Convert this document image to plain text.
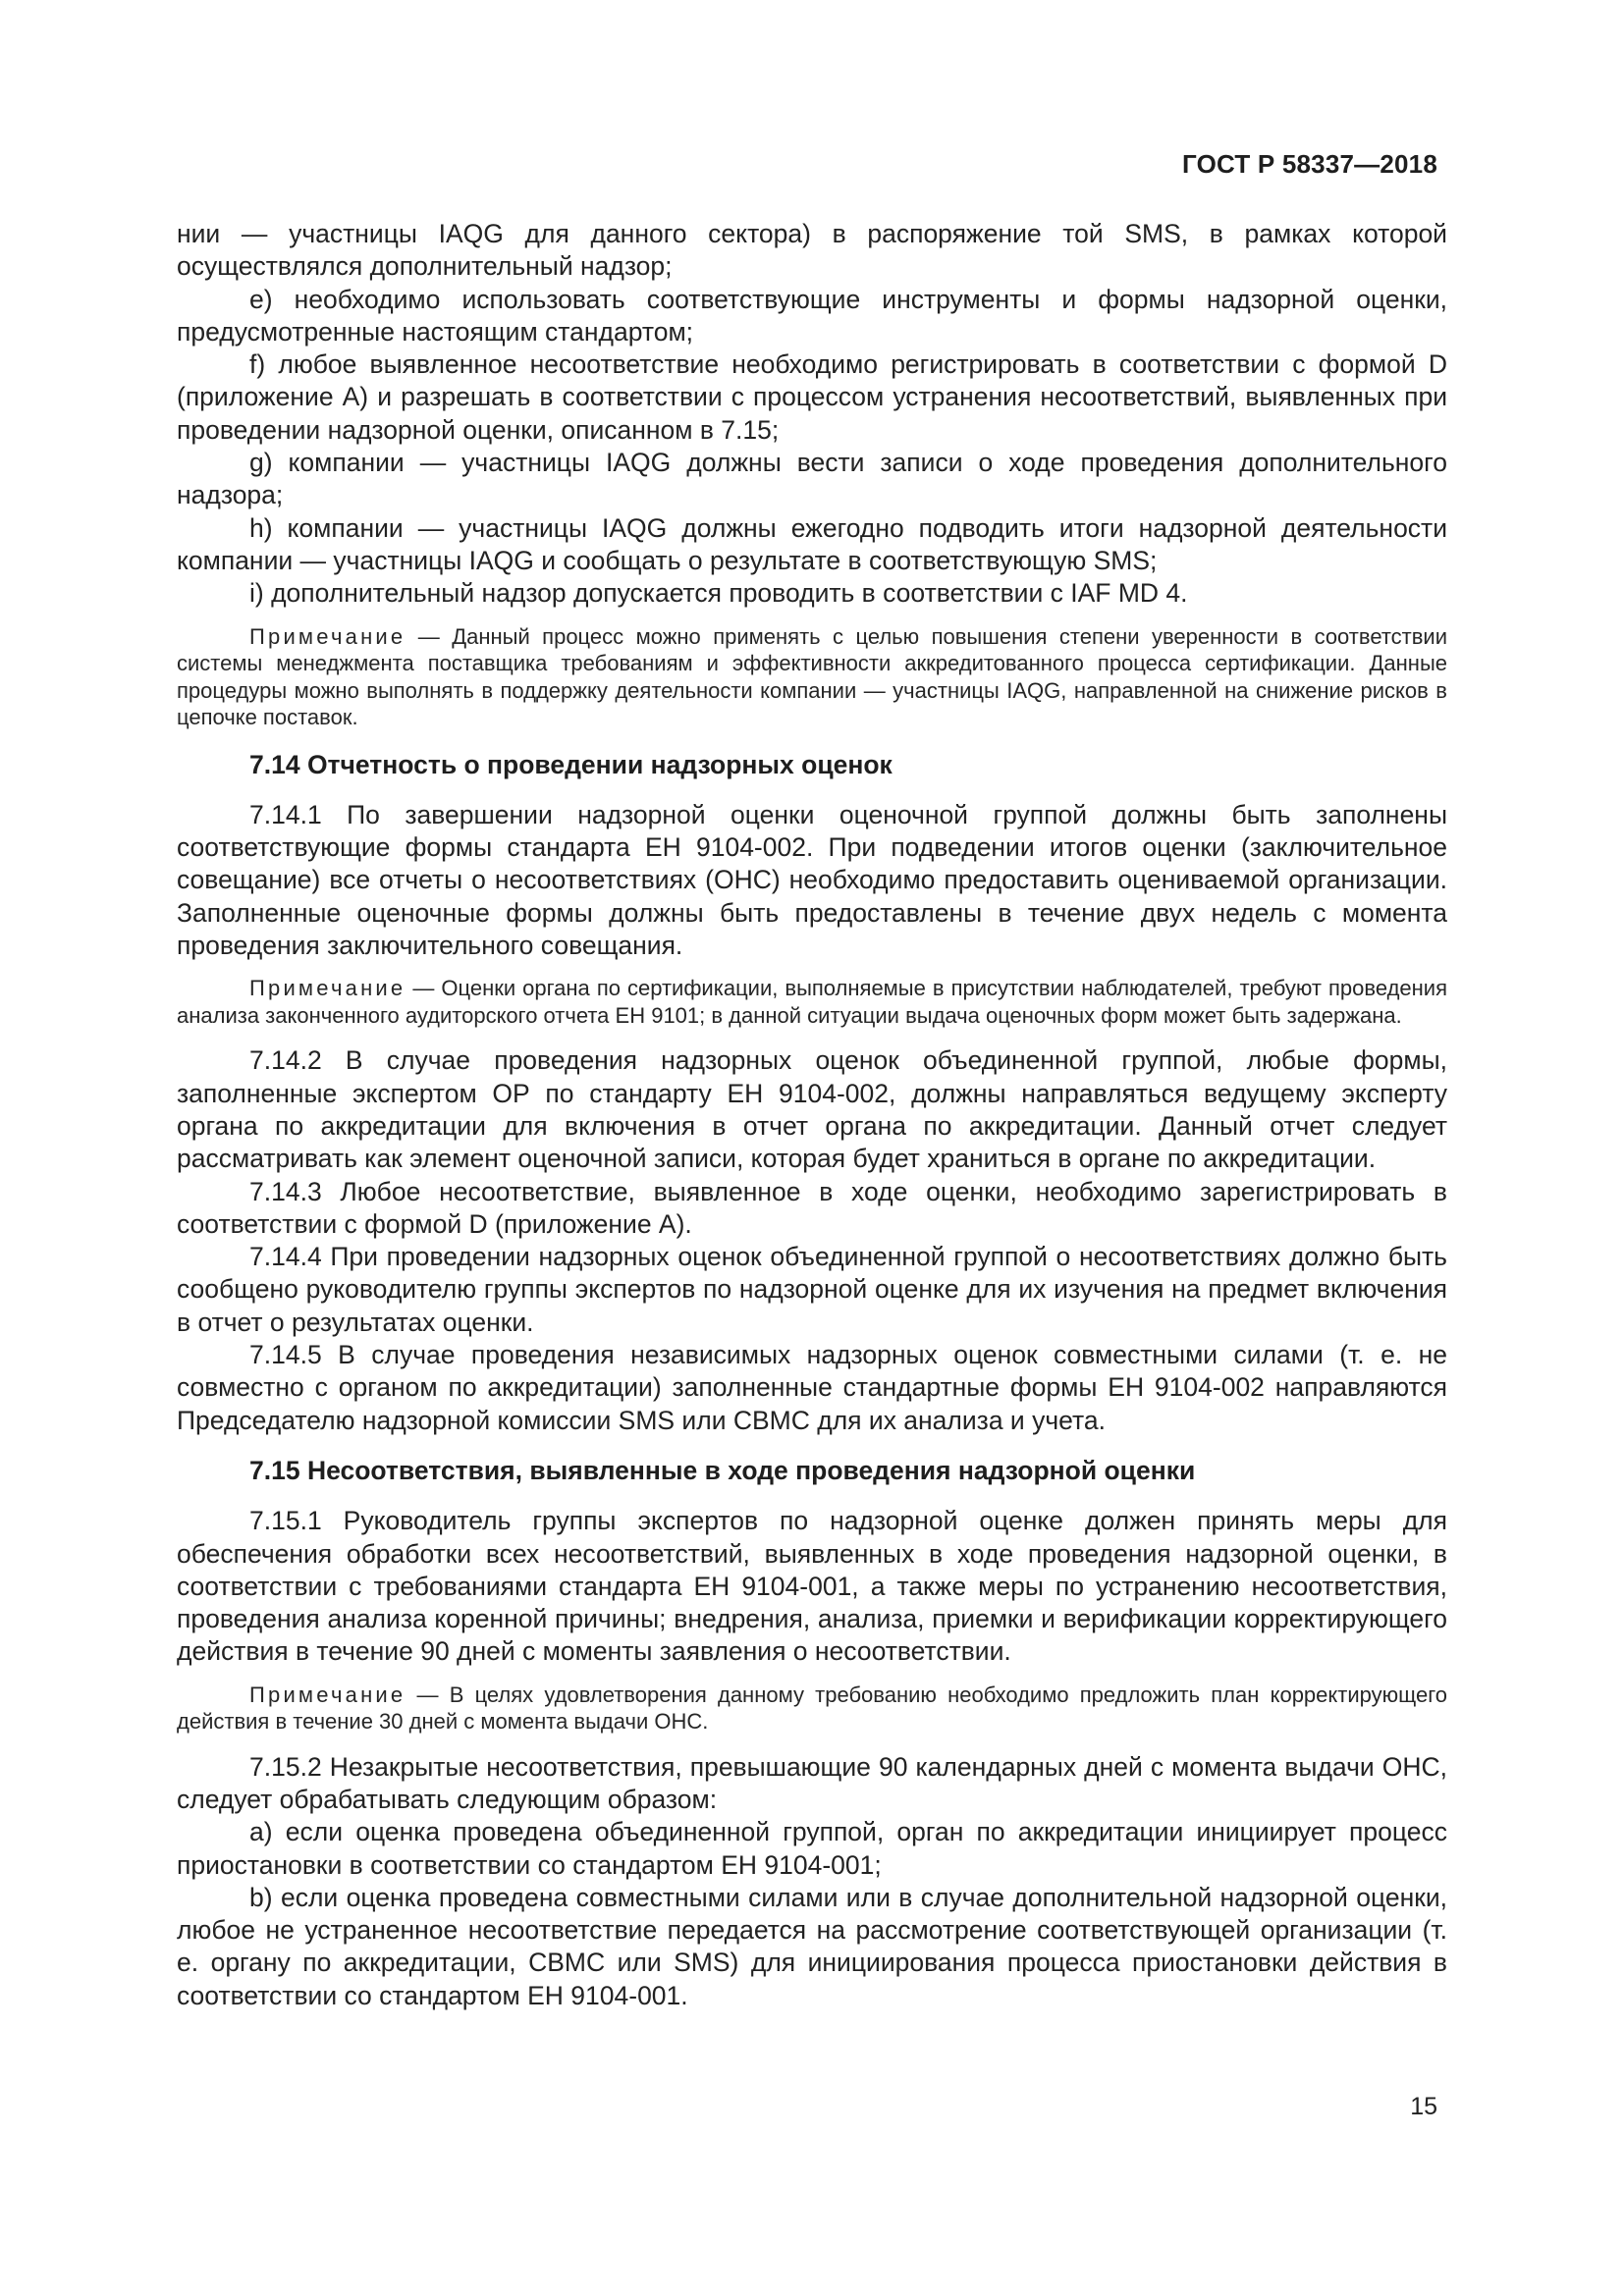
ГОСТ Р 58337—2018

нии — участницы IAQG для данного сектора) в распоряжение той SMS, в рамках которой осуществлялся дополнительный надзор;

e) необходимо использовать соответствующие инструменты и формы надзорной оценки, предусмотренные настоящим стандартом;

f) любое выявленное несоответствие необходимо регистрировать в соответствии с формой D (приложение А) и разрешать в соответствии с процессом устранения несоответствий, выявленных при проведении надзорной оценки, описанном в 7.15;

g) компании — участницы IAQG должны вести записи о ходе проведения дополнительного надзора;

h) компании — участницы IAQG должны ежегодно подводить итоги надзорной деятельности компании — участницы IAQG и сообщать о результате в соответствующую SMS;

i) дополнительный надзор допускается проводить в соответствии с IAF MD 4.

Примечание — Данный процесс можно применять с целью повышения степени уверенности в соответствии системы менеджмента поставщика требованиям и эффективности аккредитованного процесса сертификации. Данные процедуры можно выполнять в поддержку деятельности компании — участницы IAQG, направленной на снижение рисков в цепочке поставок.

7.14 Отчетность о проведении надзорных оценок

7.14.1 По завершении надзорной оценки оценочной группой должны быть заполнены соответствующие формы стандарта ЕН 9104-002. При подведении итогов оценки (заключительное совещание) все отчеты о несоответствиях (ОНС) необходимо предоставить оцениваемой организации. Заполненные оценочные формы должны быть предоставлены в течение двух недель с момента проведения заключительного совещания.

Примечание — Оценки органа по сертификации, выполняемые в присутствии наблюдателей, требуют проведения анализа законченного аудиторского отчета ЕН 9101; в данной ситуации выдача оценочных форм может быть задержана.

7.14.2 В случае проведения надзорных оценок объединенной группой, любые формы, заполненные экспертом ОР по стандарту ЕН 9104-002, должны направляться ведущему эксперту органа по аккредитации для включения в отчет органа по аккредитации. Данный отчет следует рассматривать как элемент оценочной записи, которая будет храниться в органе по аккредитации.

7.14.3 Любое несоответствие, выявленное в ходе оценки, необходимо зарегистрировать в соответствии с формой D (приложение А).

7.14.4 При проведении надзорных оценок объединенной группой о несоответствиях должно быть сообщено руководителю группы экспертов по надзорной оценке для их изучения на предмет включения в отчет о результатах оценки.

7.14.5 В случае проведения независимых надзорных оценок совместными силами (т. е. не совместно с органом по аккредитации) заполненные стандартные формы ЕН 9104-002 направляются Председателю надзорной комиссии SMS или СВМС для их анализа и учета.

7.15 Несоответствия, выявленные в ходе проведения надзорной оценки

7.15.1 Руководитель группы экспертов по надзорной оценке должен принять меры для обеспечения обработки всех несоответствий, выявленных в ходе проведения надзорной оценки, в соответствии с требованиями стандарта ЕН 9104-001, а также меры по устранению несоответствия, проведения анализа коренной причины; внедрения, анализа, приемки и верификации корректирующего действия в течение 90 дней с моменты заявления о несоответствии.

Примечание — В целях удовлетворения данному требованию необходимо предложить план корректирующего действия в течение 30 дней с момента выдачи ОНС.

7.15.2 Незакрытые несоответствия, превышающие 90 календарных дней с момента выдачи ОНС, следует обрабатывать следующим образом:

a) если оценка проведена объединенной группой, орган по аккредитации инициирует процесс приостановки в соответствии со стандартом ЕН 9104-001;

b) если оценка проведена совместными силами или в случае дополнительной надзорной оценки, любое не устраненное несоответствие передается на рассмотрение соответствующей организации (т. е. органу по аккредитации, СВМС или SMS) для инициирования процесса приостановки действия в соответствии со стандартом ЕН 9104-001.

15
